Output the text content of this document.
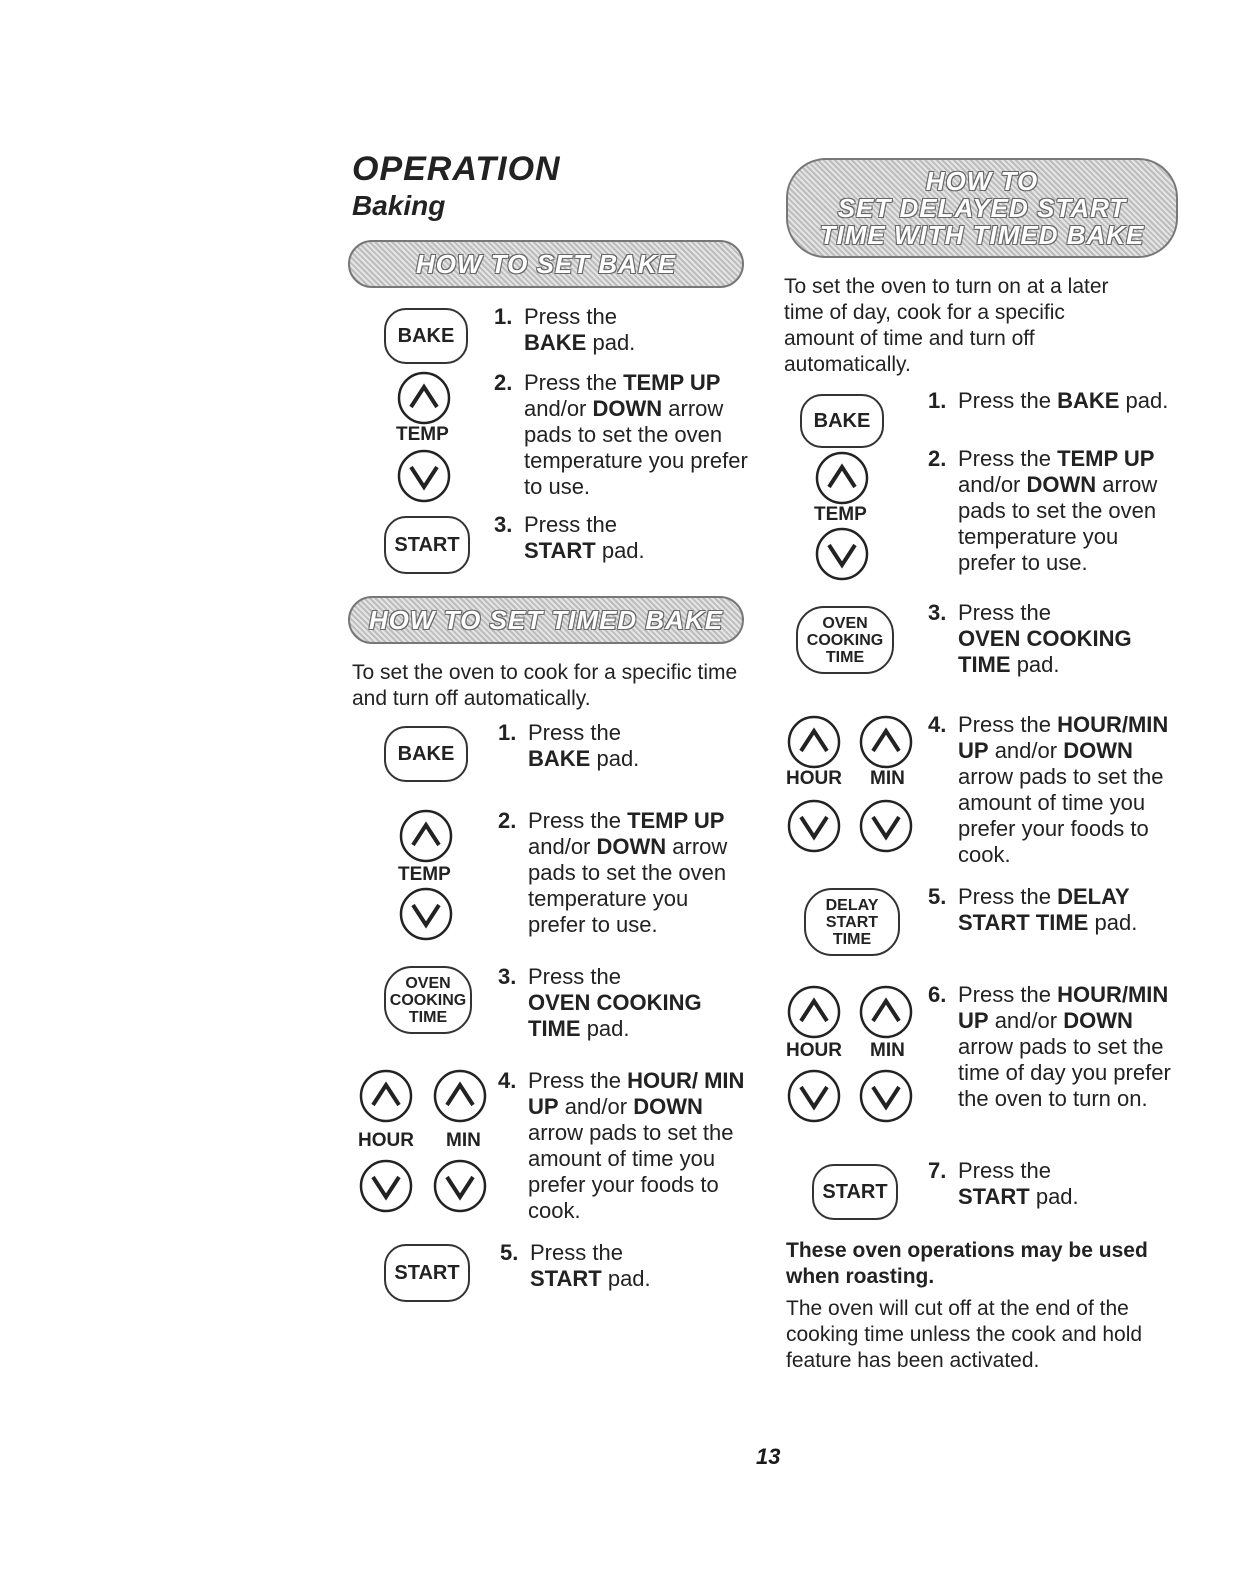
OPERATION
Baking
HOW TO SET BAKE
BAKE
1. Press the
BAKE pad.
TEMP
2. Press the TEMP UP and/or DOWN arrow pads to set the oven temperature you prefer to use.
START
3. Press the
START pad.
HOW TO SET TIMED BAKE
To set the oven to cook for a specific time and turn off automatically.
BAKE
1. Press the
BAKE pad.
TEMP
2. Press the TEMP UP and/or DOWN arrow pads to set the oven temperature you prefer to use.
OVEN
COOKING
TIME
3. Press the
OVEN COOKING TIME pad.
HOUR MIN
4. Press the HOUR/ MIN UP and/or DOWN arrow pads to set the amount of time you prefer your foods to cook.
START
5. Press the
START pad.
HOW TO
SET DELAYED START
TIME WITH TIMED BAKE
To set the oven to turn on at a later time of day, cook for a specific amount of time and turn off automatically.
BAKE
1. Press the BAKE pad.
TEMP
2. Press the TEMP UP and/or DOWN arrow pads to set the oven temperature you prefer to use.
OVEN
COOKING
TIME
3. Press the
OVEN COOKING TIME pad.
HOUR MIN
4. Press the HOUR/MIN UP and/or DOWN arrow pads to set the amount of time you prefer your foods to cook.
DELAY
START
TIME
5. Press the DELAY START TIME pad.
HOUR MIN
6. Press the HOUR/MIN UP and/or DOWN arrow pads to set the time of day you prefer the oven to turn on.
START
7. Press the
START pad.
These oven operations may be used when roasting.
The oven will cut off at the end of the cooking time unless the cook and hold feature has been activated.
13
